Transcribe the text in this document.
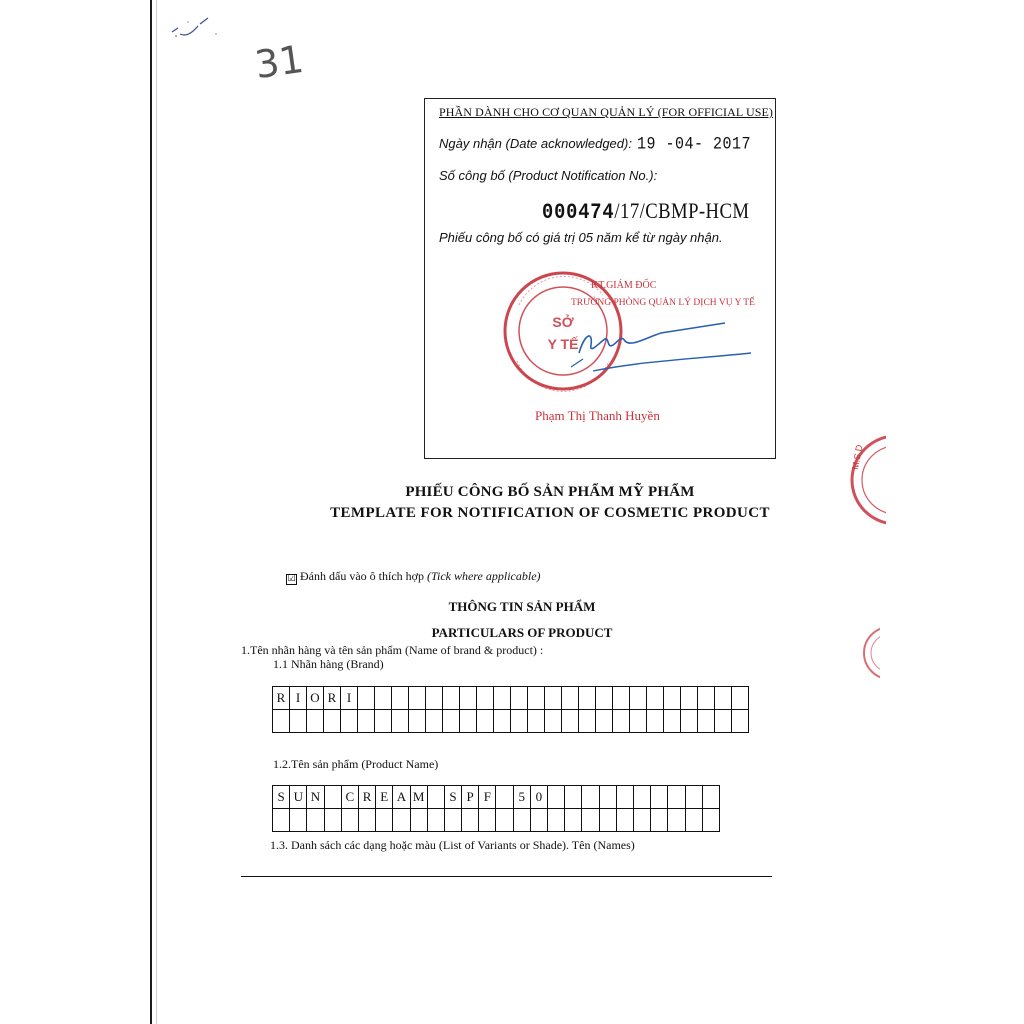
31
PHẦN DÀNH CHO CƠ QUAN QUẢN LÝ (FOR OFFICIAL USE)
Ngày nhận (Date acknowledged): 19 -04- 2017
Số công bố (Product Notification No.):
000474/17/CBMP-HCM
Phiếu công bố có giá trị 05 năm kể từ ngày nhận.
SỞ
Y TẾ
KT.GIÁM ĐỐC
TRƯỞNG PHÒNG QUẢN LÝ DỊCH VỤ Y TẾ
Phạm Thị Thanh Huyền
M.S.D
PHIẾU CÔNG BỐ SẢN PHẨM MỸ PHẨM
TEMPLATE FOR NOTIFICATION OF COSMETIC PRODUCT
☑ Đánh dấu vào ô thích hợp (Tick where applicable)
THÔNG TIN SẢN PHẨM
PARTICULARS OF PRODUCT
1.Tên nhãn hàng và tên sản phẩm (Name of brand & product) :
1.1 Nhãn hàng (Brand)
R I O R I
1.2.Tên sản phẩm (Product Name)
S U N	C R E A M	S P F	5 0
1.3. Danh sách các dạng hoặc màu (List of Variants or Shade). Tên (Names)
